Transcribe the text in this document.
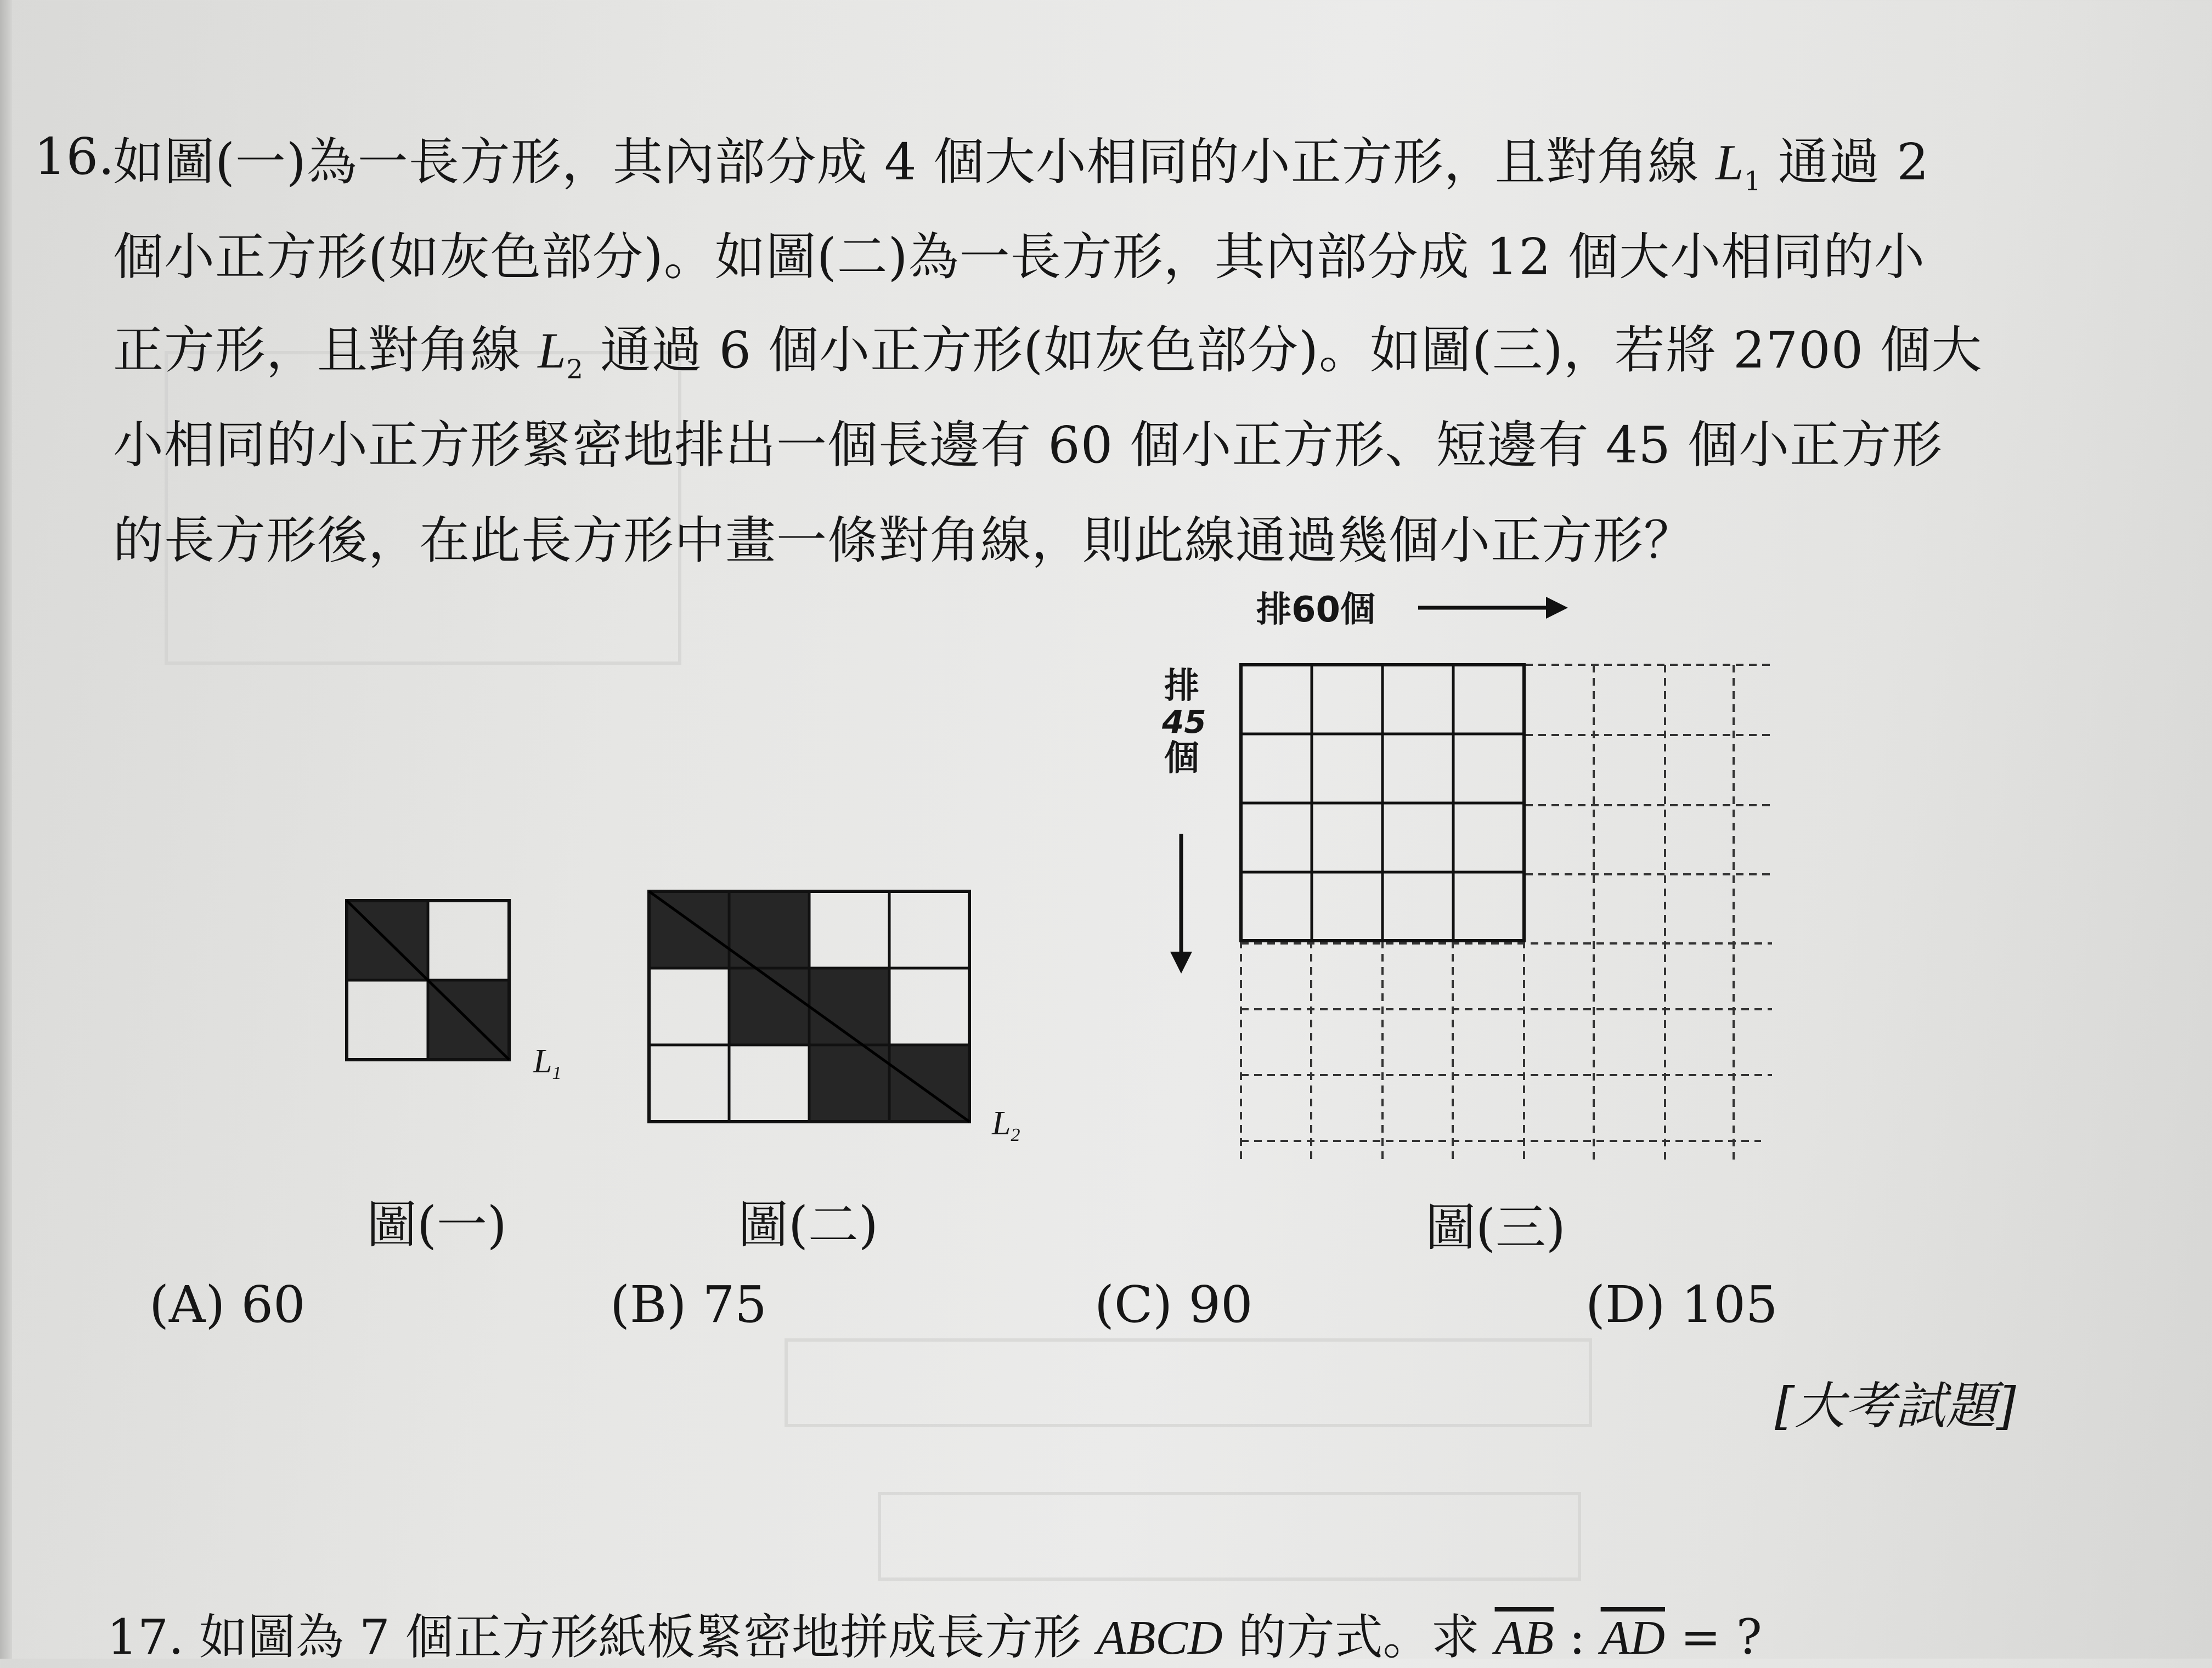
16.
如圖(一)為一長方形，其內部分成 4 個大小相同的小正方形，且對角線 $L_1$ 通過 2
個小正方形(如灰色部分)。如圖(二)為一長方形，其內部分成 12 個大小相同的小
正方形，且對角線 $L_2$ 通過 6 個小正方形(如灰色部分)。如圖(三)，若將 2700 個大
小相同的小正方形緊密地排出一個長邊有 60 個小正方形、短邊有 45 個小正方形
的長方形後，在此長方形中畫一條對角線，則此線通過幾個小正方形？
L1
L2
排60個
排
45
個
圖(一)	圖(二)	圖(三)
(A) 60	(B) 75	(C) 90	(D) 105
[大考試題]
17. 如圖為 7 個正方形紙板緊密地拼成長方形 ABCD 的方式。求 $\overline{AB}$ : $\overline{AD}$ = ?
